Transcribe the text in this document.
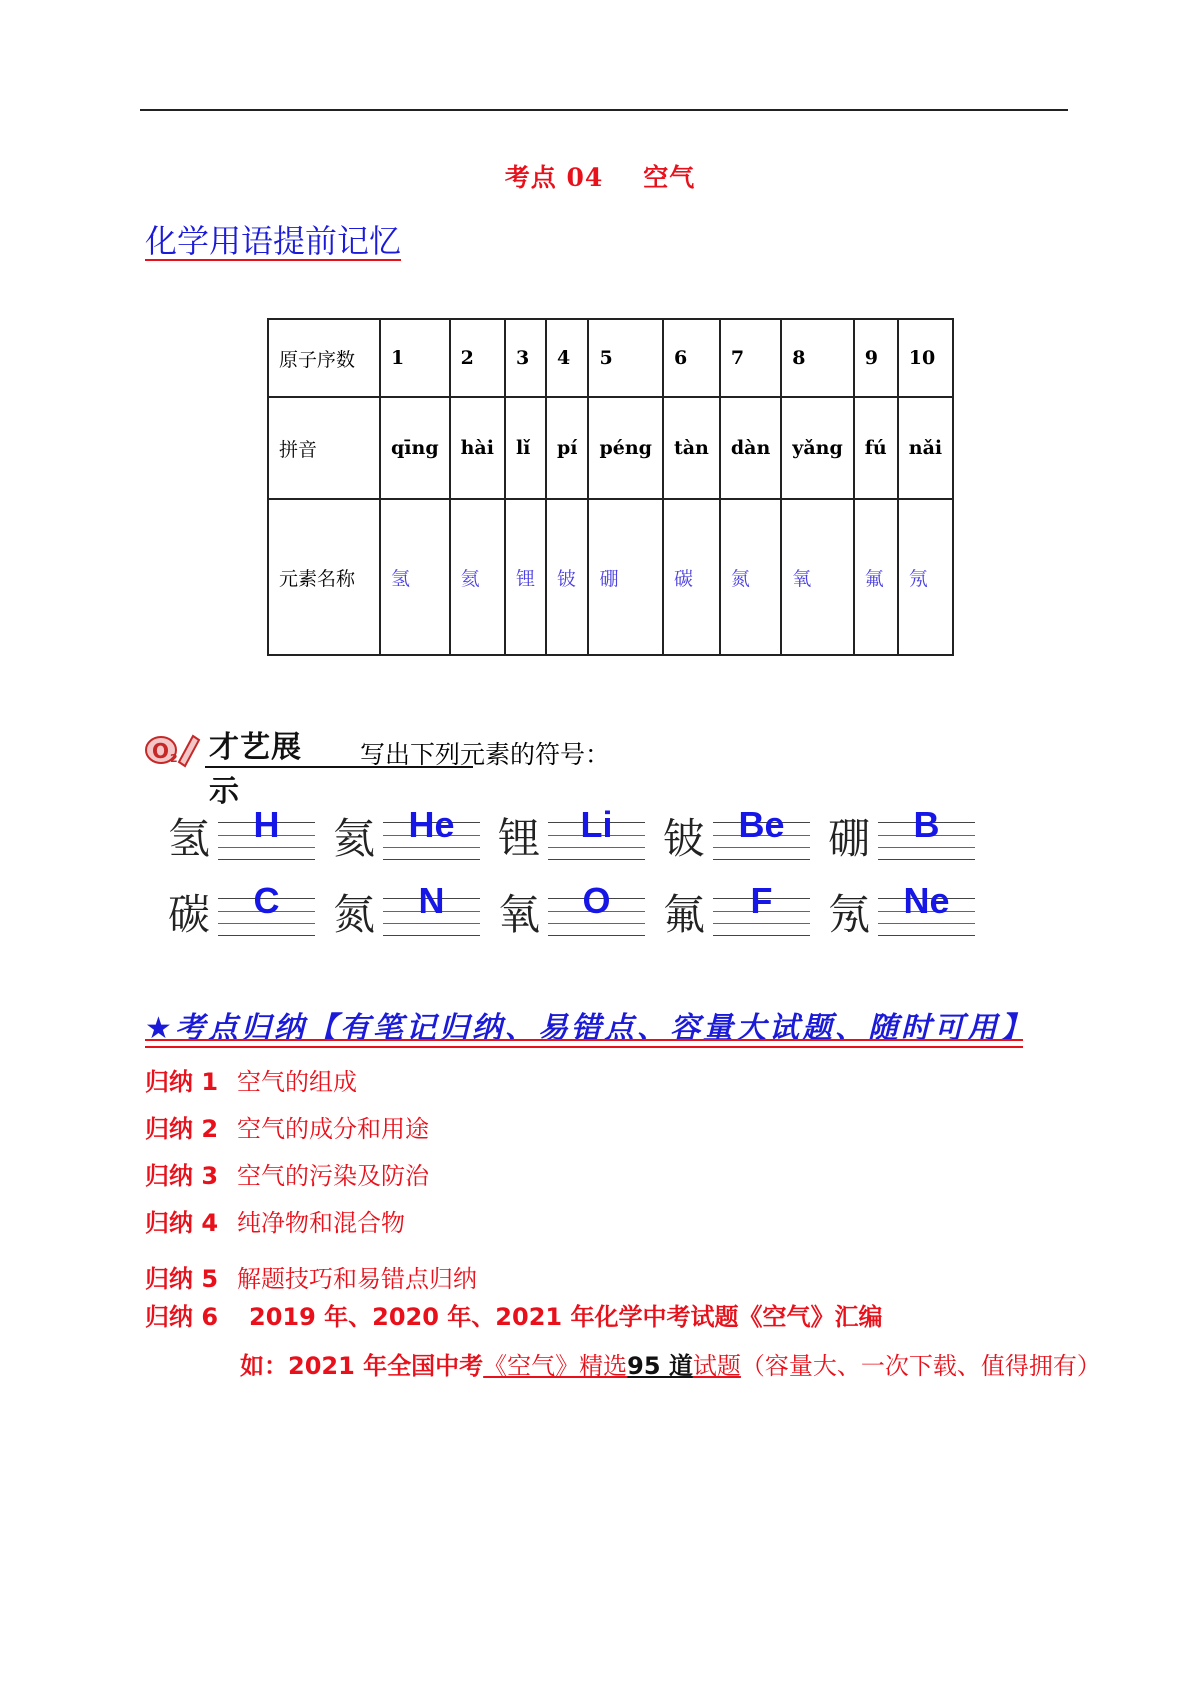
考点 04 空气
化学用语提前记忆
原子序数	1	2	3	4	5	6	7	8	9	10
拼音	qīng	hài	lǐ	pí	péng	tàn	dàn	yǎng	fú	nǎi
元素名称	氢	氦	锂	铍	硼	碳	氮	氧	氟	氖
O 2 才艺展示
写出下列元素的符号：
氢	H	氦 He	锂	Li	铍 Be	硼	B
碳	C	氮	N	氧	O	氟	F	氖 Ne
★考点归纳【有笔记归纳、易错点、容量大试题、随时可用】
归纳 1 空气的组成
归纳 2 空气的成分和用途
归纳 3 空气的污染及防治
归纳 4 纯净物和混合物
归纳 5 解题技巧和易错点归纳
归纳 6 2019 年、2020 年、2021 年化学中考试题《空气》汇编
如：2021 年全国中考《空气》精选95 道试题（容量大、一次下载、值得拥有）
